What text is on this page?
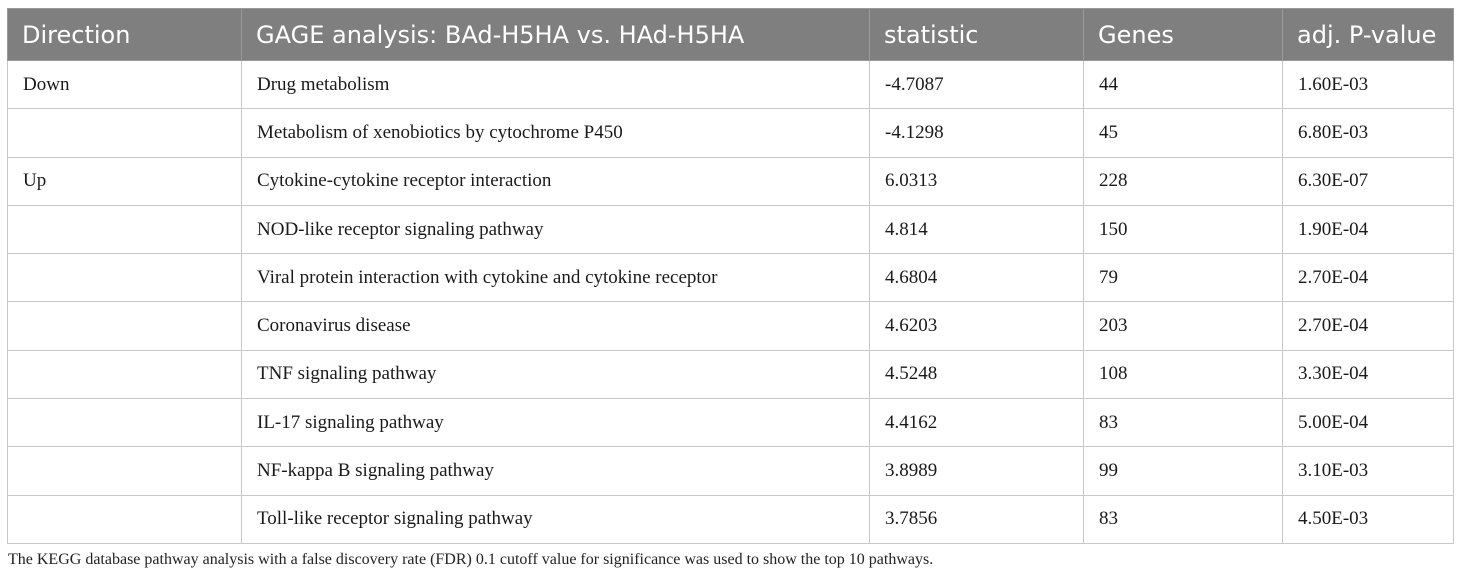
Direction	GAGE analysis: BAd-H5HA vs. HAd-H5HA	statistic	Genes	adj. P-value
Down	Drug metabolism	-4.7087	44	1.60E-03
	Metabolism of xenobiotics by cytochrome P450	-4.1298	45	6.80E-03
Up	Cytokine-cytokine receptor interaction	6.0313	228	6.30E-07
	NOD-like receptor signaling pathway	4.814	150	1.90E-04
	Viral protein interaction with cytokine and cytokine receptor	4.6804	79	2.70E-04
	Coronavirus disease	4.6203	203	2.70E-04
	TNF signaling pathway	4.5248	108	3.30E-04
	IL-17 signaling pathway	4.4162	83	5.00E-04
	NF-kappa B signaling pathway	3.8989	99	3.10E-03
	Toll-like receptor signaling pathway	3.7856	83	4.50E-03
The KEGG database pathway analysis with a false discovery rate (FDR) 0.1 cutoff value for significance was used to show the top 10 pathways.
